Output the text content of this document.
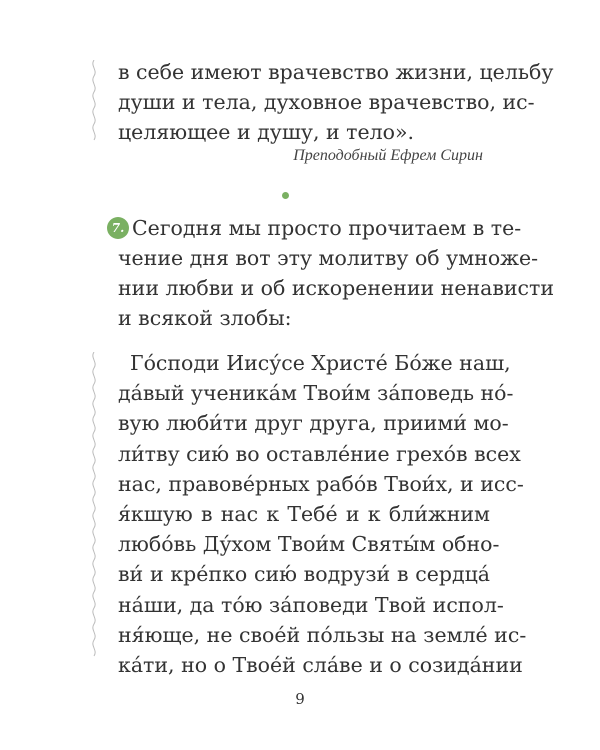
в себе имеют врачевство жизни, цельбу
души и тела, духовное врачевство, ис-
целяющее и душу, и тело».
Преподобный Ефрем Сирин
7. Сегодня мы просто прочитаем в те-
чение дня вот эту молитву об умноже-
нии любви и об искоренении ненависти
и всякой злобы:
Го́споди Иису́се Христе́ Бо́же наш,
да́вый ученика́м Твои́м за́поведь но́-
вую люби́ти друг друга, приими́ мо-
ли́тву сию́ во оставле́ние грехо́в всех
нас, правове́рных рабо́в Твои́х, и исс-
я́кшую в нас к Тебе́ и к бли́жним
любо́вь Ду́хом Твои́м Святы́м обно-
ви́ и кре́пко сию́ водрузи́ в сердца́
на́ши, да то́ю за́поведи Твой испол-
ня́юще, не свое́й по́льзы на земле́ ис-
ка́ти, но о Твое́й сла́ве и о созида́нии
9
